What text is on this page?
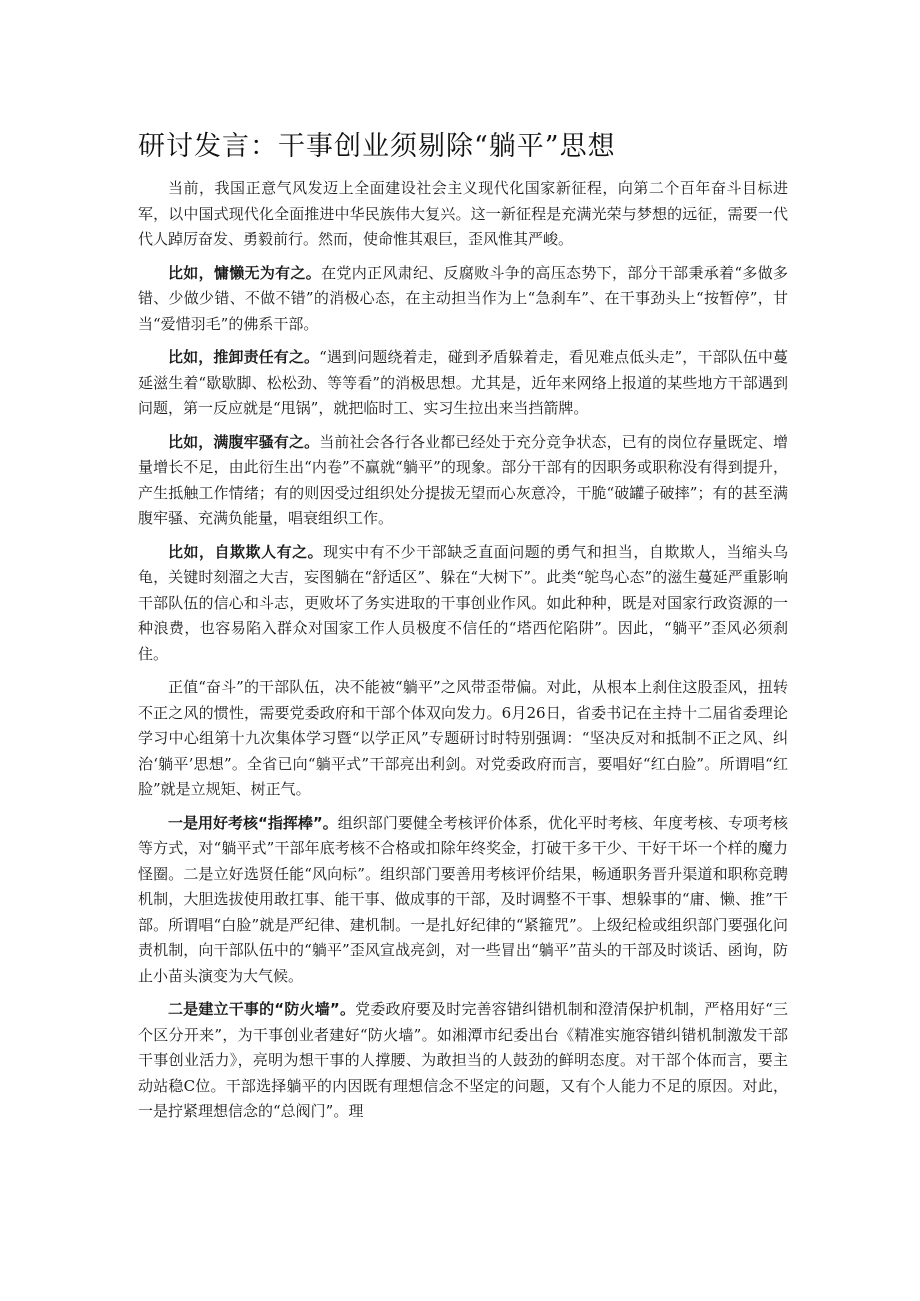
研讨发言：干事创业须剔除“躺平”思想

当前，我国正意气风发迈上全面建设社会主义现代化国家新征程，向第二个百年奋斗目标进军，以中国式现代化全面推进中华民族伟大复兴。这一新征程是充满光荣与梦想的远征，需要一代代人踔厉奋发、勇毅前行。然而，使命惟其艰巨，歪风惟其严峻。

比如，慵懒无为有之。在党内正风肃纪、反腐败斗争的高压态势下，部分干部秉承着“多做多错、少做少错、不做不错”的消极心态，在主动担当作为上“急刹车”、在干事劲头上“按暂停”，甘当“爱惜羽毛”的佛系干部。

比如，推卸责任有之。“遇到问题绕着走，碰到矛盾躲着走，看见难点低头走”，干部队伍中蔓延滋生着“歇歇脚、松松劲、等等看”的消极思想。尤其是，近年来网络上报道的某些地方干部遇到问题，第一反应就是“甩锅”，就把临时工、实习生拉出来当挡箭牌。

比如，满腹牢骚有之。当前社会各行各业都已经处于充分竞争状态，已有的岗位存量既定、增量增长不足，由此衍生出“内卷”不赢就“躺平”的现象。部分干部有的因职务或职称没有得到提升，产生抵触工作情绪；有的则因受过组织处分提拔无望而心灰意冷，干脆“破罐子破摔”；有的甚至满腹牢骚、充满负能量，唱衰组织工作。

比如，自欺欺人有之。现实中有不少干部缺乏直面问题的勇气和担当，自欺欺人，当缩头乌龟，关键时刻溜之大吉，妄图躺在“舒适区”、躲在“大树下”。此类“鸵鸟心态”的滋生蔓延严重影响干部队伍的信心和斗志，更败坏了务实进取的干事创业作风。如此种种，既是对国家行政资源的一种浪费，也容易陷入群众对国家工作人员极度不信任的“塔西佗陷阱”。因此，“躺平”歪风必须刹住。

正值“奋斗”的干部队伍，决不能被“躺平”之风带歪带偏。对此，从根本上刹住这股歪风，扭转不正之风的惯性，需要党委政府和干部个体双向发力。6月26日，省委书记在主持十二届省委理论学习中心组第十九次集体学习暨“以学正风”专题研讨时特别强调：“坚决反对和抵制不正之风、纠治‘躺平’思想”。全省已向“躺平式”干部亮出利剑。对党委政府而言，要唱好“红白脸”。所谓唱“红脸”就是立规矩、树正气。

一是用好考核“指挥棒”。组织部门要健全考核评价体系，优化平时考核、年度考核、专项考核等方式，对“躺平式”干部年底考核不合格或扣除年终奖金，打破干多干少、干好干坏一个样的魔力怪圈。二是立好选贤任能“风向标”。组织部门要善用考核评价结果，畅通职务晋升渠道和职称竞聘机制，大胆选拔使用敢扛事、能干事、做成事的干部，及时调整不干事、想躲事的“庸、懒、推”干部。所谓唱“白脸”就是严纪律、建机制。一是扎好纪律的“紧箍咒”。上级纪检或组织部门要强化问责机制，向干部队伍中的“躺平”歪风宣战亮剑，对一些冒出“躺平”苗头的干部及时谈话、函询，防止小苗头演变为大气候。

二是建立干事的“防火墙”。党委政府要及时完善容错纠错机制和澄清保护机制，严格用好“三个区分开来”，为干事创业者建好“防火墙”。如湘潭市纪委出台《精准实施容错纠错机制激发干部干事创业活力》，亮明为想干事的人撑腰、为敢担当的人鼓劲的鲜明态度。对干部个体而言，要主动站稳C位。干部选择躺平的内因既有理想信念不坚定的问题，又有个人能力不足的原因。对此，一是拧紧理想信念的“总阀门”。理
